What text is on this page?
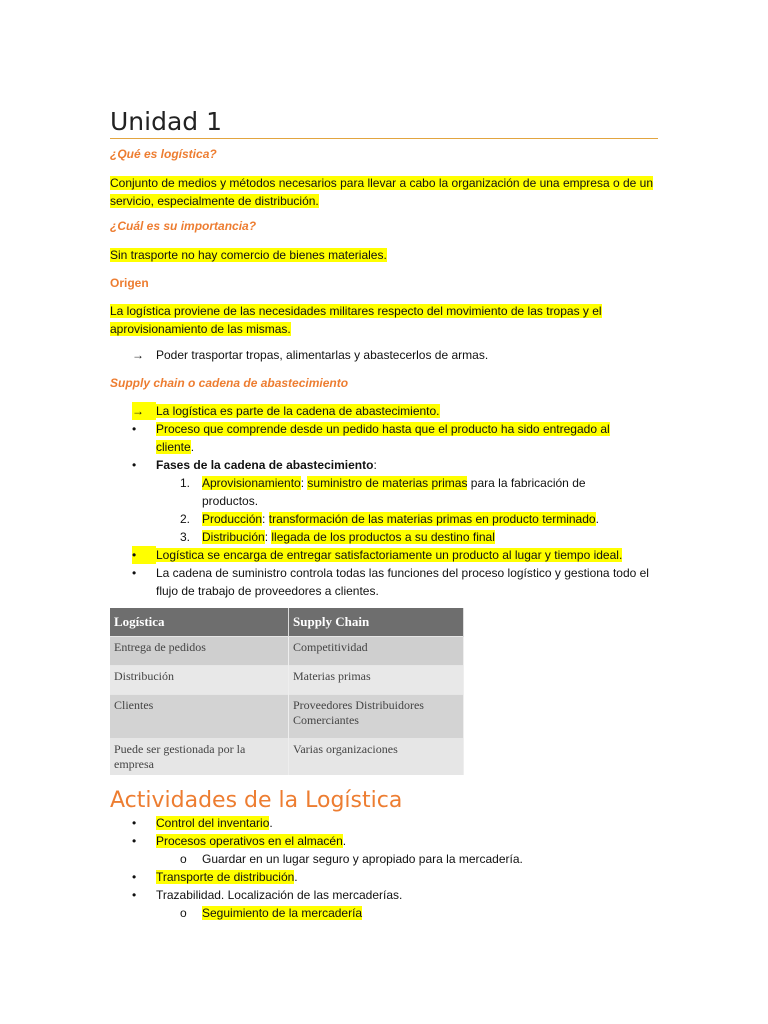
Unidad 1
¿Qué es logística?
Conjunto de medios y métodos necesarios para llevar a cabo la organización de una empresa o de un servicio, especialmente de distribución.
¿Cuál es su importancia?
Sin trasporte no hay comercio de bienes materiales.
Origen
La logística proviene de las necesidades militares respecto del movimiento de las tropas y el aprovisionamiento de las mismas.
→ Poder trasportar tropas, alimentarlas y abastecerlos de armas.
Supply chain o cadena de abastecimiento
→	La logística es parte de la cadena de abastecimiento.
• Proceso que comprende desde un pedido hasta que el producto ha sido entregado al cliente.
• Fases de la cadena de abastecimiento:
1. Aprovisionamiento: suministro de materias primas para la fabricación de productos.
2. Producción: transformación de las materias primas en producto terminado.
3. Distribución: llegada de los productos a su destino final
•	Logística se encarga de entregar satisfactoriamente un producto al lugar y tiempo ideal.
• La cadena de suministro controla todas las funciones del proceso logístico y gestiona todo el flujo de trabajo de proveedores a clientes.
Logística	Supply Chain
Entrega de pedidos	Competitividad
Distribución	Materias primas
Clientes	Proveedores Distribuidores Comerciantes
Puede ser gestionada por la empresa	Varias organizaciones
Actividades de la Logística
• Control del inventario.
• Procesos operativos en el almacén.
o Guardar en un lugar seguro y apropiado para la mercadería.
• Transporte de distribución.
• Trazabilidad. Localización de las mercaderías.
o Seguimiento de la mercadería
